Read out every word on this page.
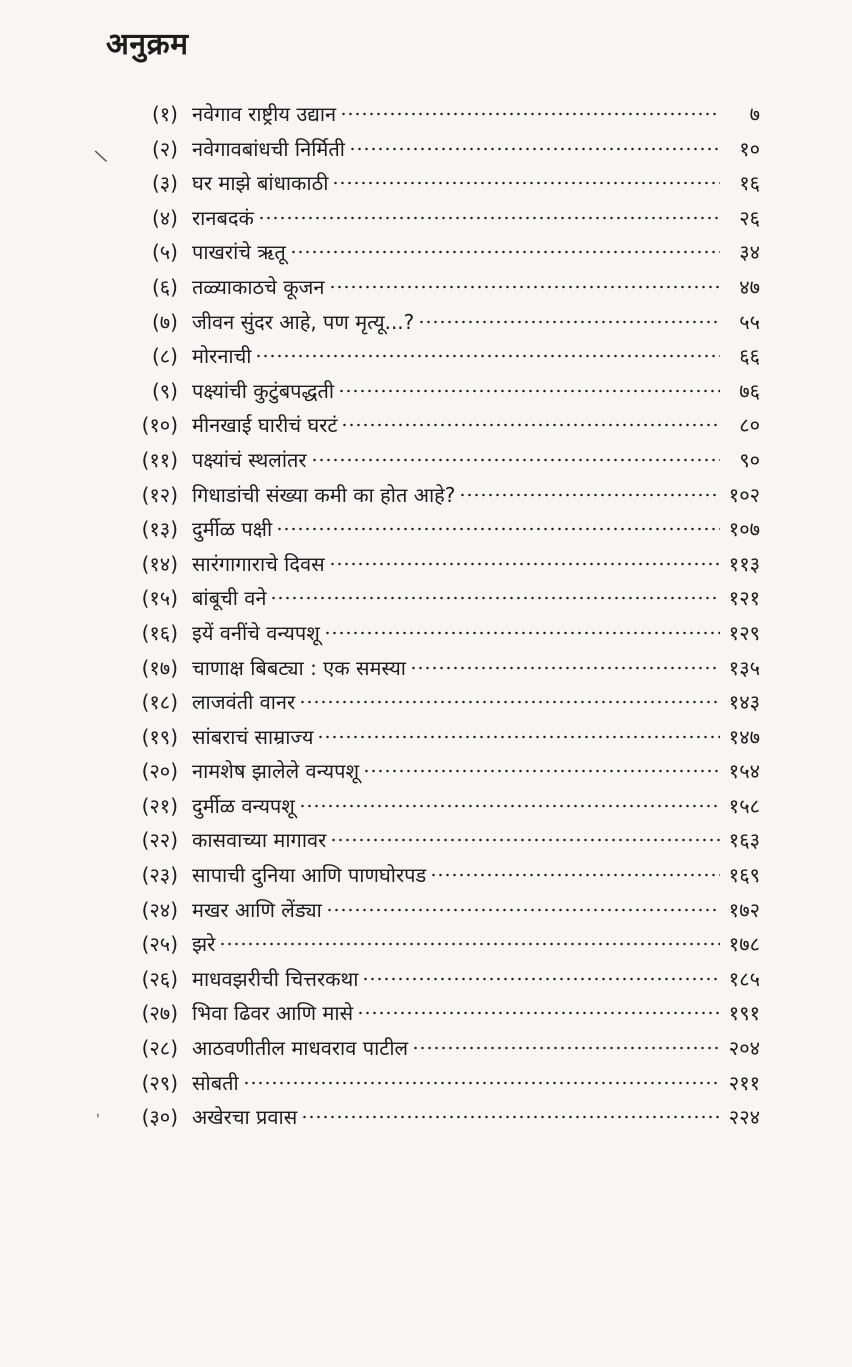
अनुक्रम
(१) नवेगाव राष्ट्रीय उद्यान	७
(२) नवेगावबांधची निर्मिती	१०
(३) घर माझे बांधाकाठी	१६
(४) रानबदकं	२६
(५) पाखरांचे ऋतू	३४
(६) तळ्याकाठचे कूजन	४७
(७) जीवन सुंदर आहे, पण मृत्यू...?	५५
(८) मोरनाची	६६
(९) पक्ष्यांची कुटुंबपद्धती	७६
(१०) मीनखाई घारीचं घरटं	८०
(११) पक्ष्यांचं स्थलांतर	९०
(१२) गिधाडांची संख्या कमी का होत आहे?	१०२
(१३) दुर्मीळ पक्षी	१०७
(१४) सारंगागाराचे दिवस	११३
(१५) बांबूची वने	१२१
(१६) इयें वनींचे वन्यपशू	१२९
(१७) चाणाक्ष बिबट्या : एक समस्या	१३५
(१८) लाजवंती वानर	१४३
(१९) सांबराचं साम्राज्य	१४७
(२०) नामशेष झालेले वन्यपशू	१५४
(२१) दुर्मीळ वन्यपशू	१५८
(२२) कासवाच्या मागावर	१६३
(२३) सापाची दुनिया आणि पाणघोरपड	१६९
(२४) मखर आणि लेंड्या	१७२
(२५) झरे	१७८
(२६) माधवझरीची चित्तरकथा	१८५
(२७) भिवा ढिवर आणि मासे	१९१
(२८) आठवणीतील माधवराव पाटील	२०४
(२९) सोबती	२११
(३०) अखेरचा प्रवास	२२४
\
'
